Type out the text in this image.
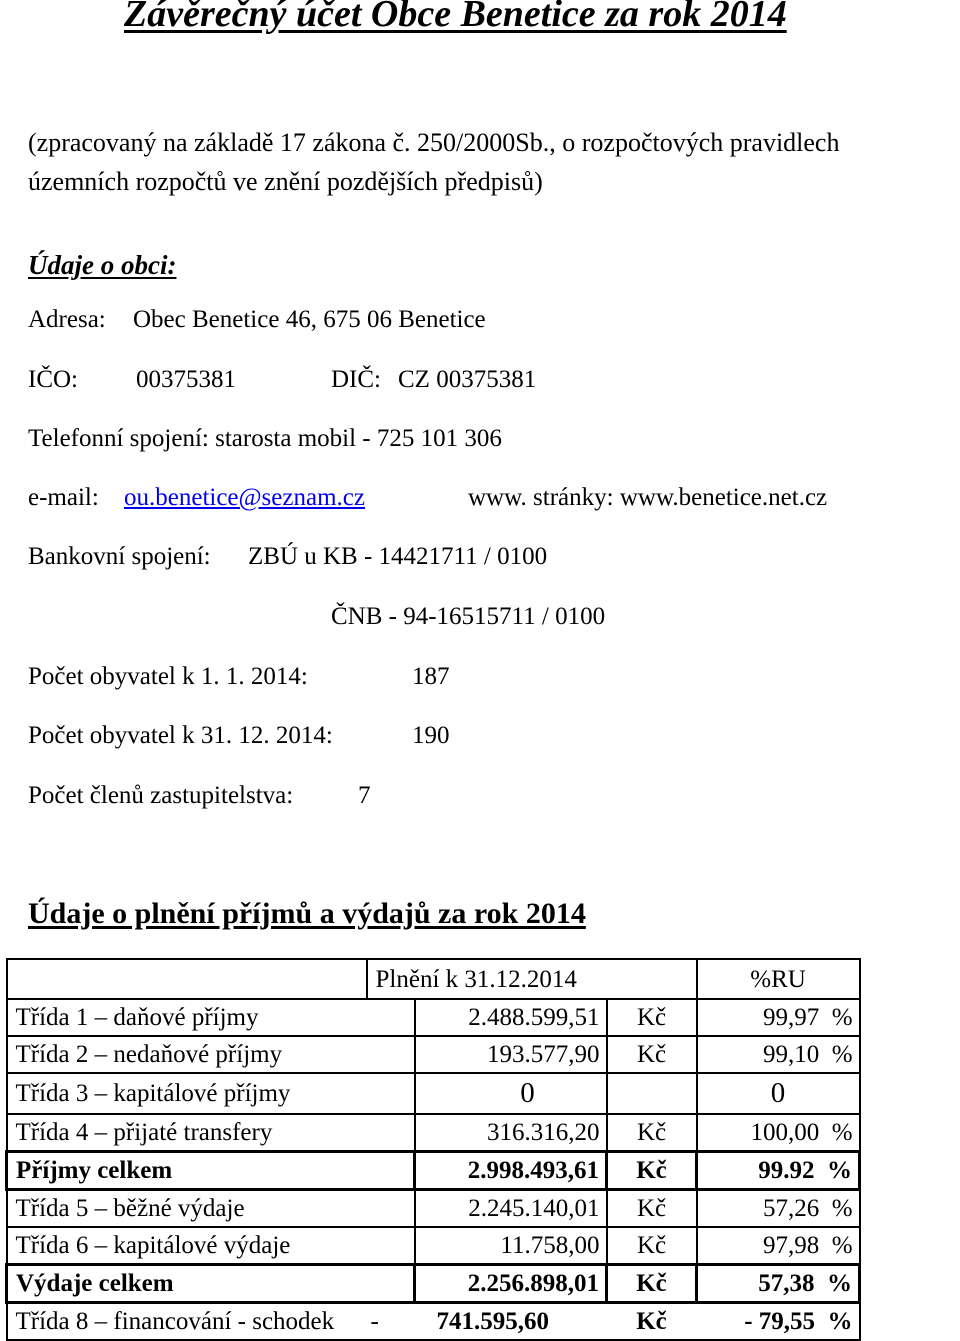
Závěrečný účet Obce Benetice za rok 2014
(zpracovaný na základě 17 zákona č. 250/2000Sb., o rozpočtových pravidlech
územních rozpočtů ve znění pozdějších předpisů)
Údaje o obci:
Adresa: Obec Benetice 46, 675 06 Benetice
IČO: 00375381	DIČ: CZ 00375381
Telefonní spojení: starosta mobil - 725 101 306
e-mail: ou.benetice@seznam.cz	www. stránky: www.benetice.net.cz
Bankovní spojení: ZBÚ u KB - 14421711 / 0100
ČNB - 94-16515711 / 0100
Počet obyvatel k 1. 1. 2014:	187
Počet obyvatel k 31. 12. 2014:	190
Počet členů zastupitelstva:	7
Údaje o plnění příjmů a výdajů za rok 2014
	Plnění k 31.12.2014			%RU
Třída 1 – daňové příjmy		2.488.599,51	Kč	99,97 %
Třída 2 – nedaňové příjmy		193.577,90	Kč	99,10 %
Třída 3 – kapitálové příjmy		0		0
Třída 4 – přijaté transfery		316.316,20	Kč	100,00 %
Příjmy celkem		2.998.493,61	Kč	99.92 %
Třída 5 – běžné výdaje		2.245.140,01	Kč	57,26 %
Třída 6 – kapitálové výdaje		11.758,00	Kč	97,98 %
Výdaje celkem		2.256.898,01	Kč	57,38 %
Třída 8 – financování - schodek	-	741.595,60	Kč	- 79,55 %
